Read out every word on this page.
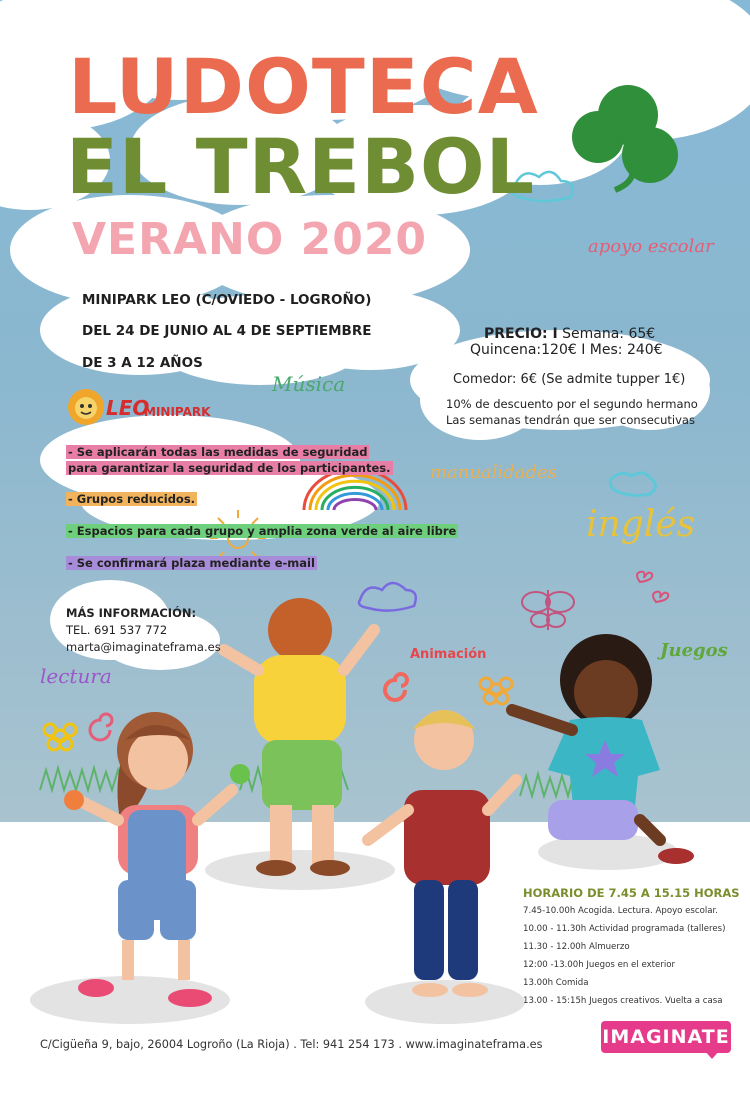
LUDOTECA
EL TREBOL
VERANO 2020
MINIPARK LEO (C/OVIEDO - LOGROÑO)
DEL 24 DE JUNIO AL 4 DE SEPTIEMBRE
DE 3 A 12 AÑOS
PRECIO: I Semana: 65€
Quincena:120€ I Mes: 240€
Comedor: 6€ (Se admite tupper 1€)
10% de descuento por el segundo hermano
Las semanas tendrán que ser consecutivas
LEO
MINIPARK
- Se aplicarán todas las medidas de seguridad
para garantizar la seguridad de los participantes.
- Grupos reducidos.
- Espacios para cada grupo y amplia zona verde al aire libre
- Se confirmará plaza mediante e-mail
MÁS INFORMACIÓN:
TEL. 691 537 772
marta@imaginateframa.es
apoyo escolar
Música
manualidades
inglés
Animación	Juegos
lectura
HORARIO DE 7.45 A 15.15 HORAS
7.45-10.00h Acogida. Lectura. Apoyo escolar.
10.00 - 11.30h Actividad programada (talleres)
11.30 - 12.00h Almuerzo
12:00 -13.00h Juegos en el exterior
13.00h Comida
13.00 - 15:15h Juegos creativos. Vuelta a casa
C/Cigüeña 9, bajo, 26004 Logroño (La Rioja) . Tel: 941 254 173 . www.imaginateframa.es	IMAGINATE
